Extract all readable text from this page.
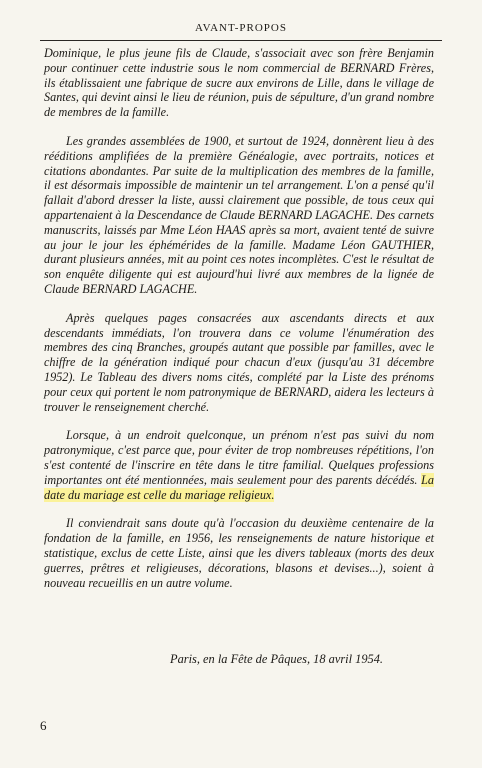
AVANT-PROPOS

Dominique, le plus jeune fils de Claude, s'associait avec son frère Benjamin pour continuer cette industrie sous le nom commercial de BERNARD Frères, ils établissaient une fabrique de sucre aux environs de Lille, dans le village de Santes, qui devint ainsi le lieu de réunion, puis de sépulture, d'un grand nombre de membres de la famille.

Les grandes assemblées de 1900, et surtout de 1924, donnèrent lieu à des rééditions amplifiées de la première Généalogie, avec portraits, notices et citations abondantes. Par suite de la multiplication des membres de la famille, il est désormais impossible de maintenir un tel arrangement. L'on a pensé qu'il fallait d'abord dresser la liste, aussi clairement que possible, de tous ceux qui appartenaient à la Descendance de Claude BERNARD LAGACHE. Des carnets manuscrits, laissés par Mme Léon HAAS après sa mort, avaient tenté de suivre au jour le jour les éphémérides de la famille. Madame Léon GAUTHIER, durant plusieurs années, mit au point ces notes incomplètes. C'est le résultat de son enquête diligente qui est aujourd'hui livré aux membres de la lignée de Claude BERNARD LAGACHE.

Après quelques pages consacrées aux ascendants directs et aux descendants immédiats, l'on trouvera dans ce volume l'énumération des membres des cinq Branches, groupés autant que possible par familles, avec le chiffre de la génération indiqué pour chacun d'eux (jusqu'au 31 décembre 1952). Le Tableau des divers noms cités, complété par la Liste des prénoms pour ceux qui portent le nom patronymique de BERNARD, aidera les lecteurs à trouver le renseignement cherché.

Lorsque, à un endroit quelconque, un prénom n'est pas suivi du nom patronymique, c'est parce que, pour éviter de trop nombreuses répétitions, l'on s'est contenté de l'inscrire en tête dans le titre familial. Quelques professions importantes ont été mentionnées, mais seulement pour des parents décédés. La date du mariage est celle du mariage religieux.

Il conviendrait sans doute qu'à l'occasion du deuxième centenaire de la fondation de la famille, en 1956, les renseignements de nature historique et statistique, exclus de cette Liste, ainsi que les divers tableaux (morts des deux guerres, prêtres et religieuses, décorations, blasons et devises...), soient à nouveau recueillis en un autre volume.

Paris, en la Fête de Pâques, 18 avril 1954.
6
